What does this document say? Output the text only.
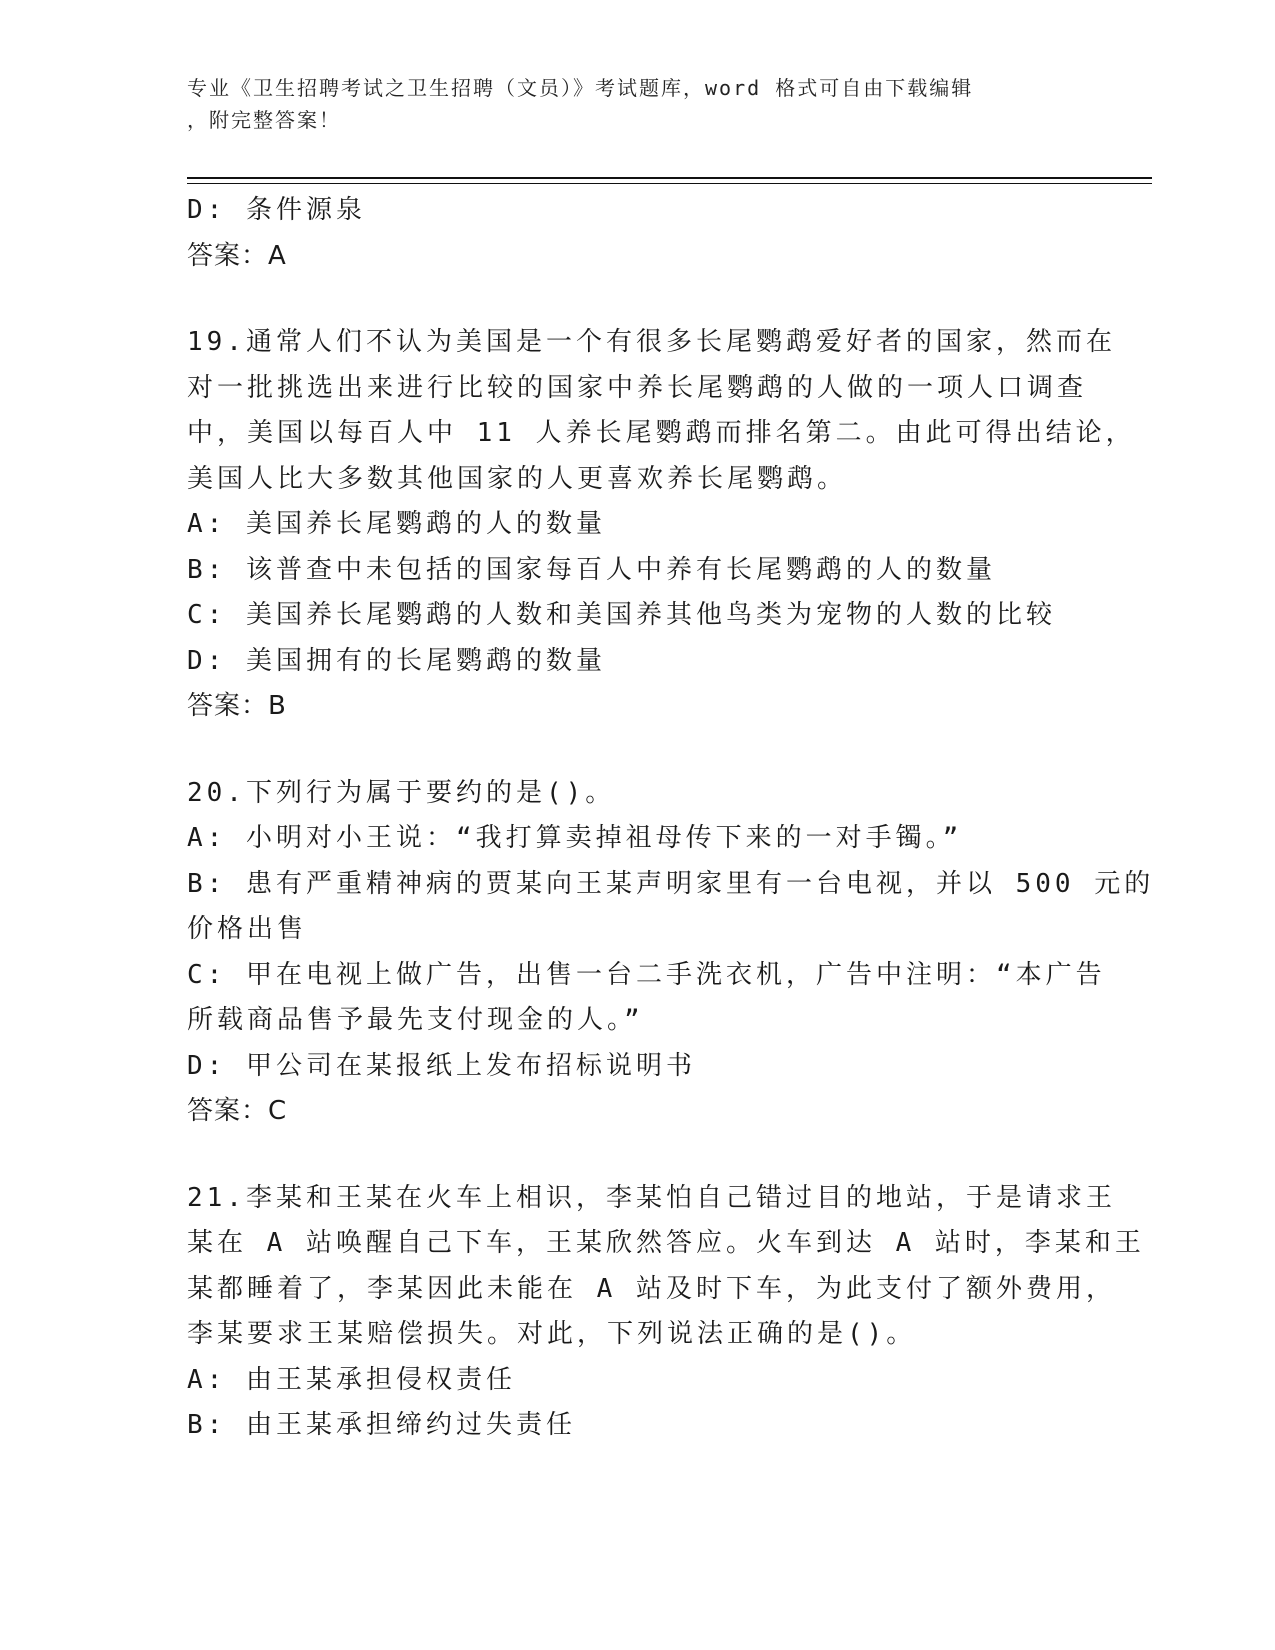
专业《卫生招聘考试之卫生招聘（文员）》考试题库，word 格式可自由下载编辑
，附完整答案！
D: 条件源泉
答案：A
19.通常人们不认为美国是一个有很多长尾鹦鹉爱好者的国家，然而在
对一批挑选出来进行比较的国家中养长尾鹦鹉的人做的一项人口调查
中，美国以每百人中 11 人养长尾鹦鹉而排名第二。由此可得出结论，
美国人比大多数其他国家的人更喜欢养长尾鹦鹉。
A: 美国养长尾鹦鹉的人的数量
B: 该普查中未包括的国家每百人中养有长尾鹦鹉的人的数量
C: 美国养长尾鹦鹉的人数和美国养其他鸟类为宠物的人数的比较
D: 美国拥有的长尾鹦鹉的数量
答案：B
20.下列行为属于要约的是()。
A: 小明对小王说：“我打算卖掉祖母传下来的一对手镯。”
B: 患有严重精神病的贾某向王某声明家里有一台电视，并以 500 元的
价格出售
C: 甲在电视上做广告，出售一台二手洗衣机，广告中注明：“本广告
所载商品售予最先支付现金的人。”
D: 甲公司在某报纸上发布招标说明书
答案：C
21.李某和王某在火车上相识，李某怕自己错过目的地站，于是请求王
某在 A 站唤醒自己下车，王某欣然答应。火车到达 A 站时，李某和王
某都睡着了，李某因此未能在 A 站及时下车，为此支付了额外费用，
李某要求王某赔偿损失。对此，下列说法正确的是()。
A: 由王某承担侵权责任
B: 由王某承担缔约过失责任
